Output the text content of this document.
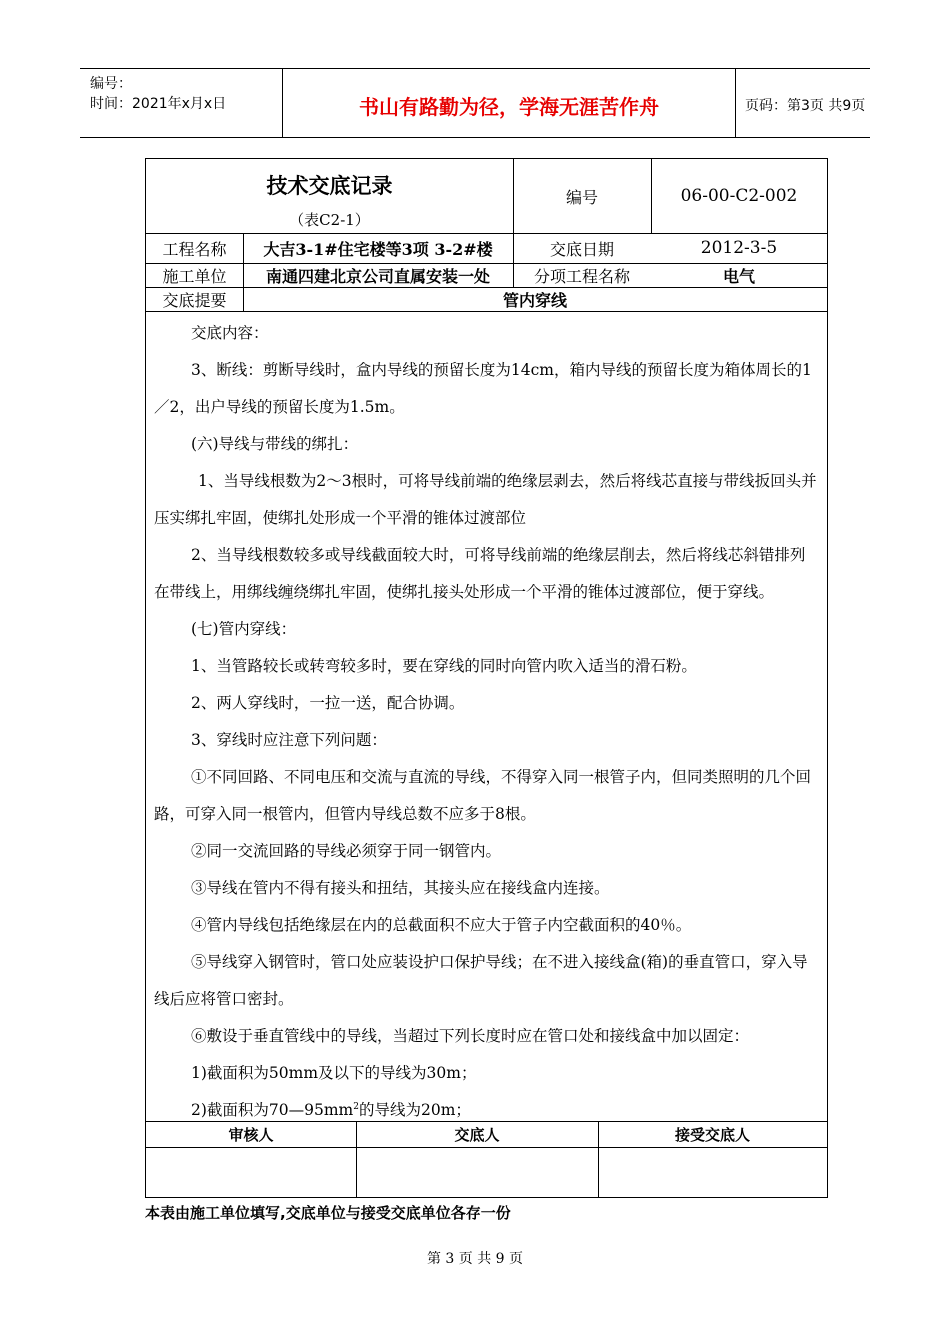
编号：
时间：2021年x月x日	书山有路勤为径，学海无涯苦作舟	页码：第3页 共9页
技术交底记录
（表C2-1）
编号	06-00-C2-002
工程名称	大吉3-1#住宅楼等3项 3-2#楼	交底日期	2012-3-5
施工单位	南通四建北京公司直属安装一处	分项工程名称	电气
交底提要	管内穿线

交底内容：

3、断线：剪断导线时，盒内导线的预留长度为14cm，箱内导线的预留长度为箱体周长的1／2，出户导线的预留长度为1.5m。

(六)导线与带线的绑扎：

1、当导线根数为2～3根时，可将导线前端的绝缘层剥去，然后将线芯直接与带线扳回头并压实绑扎牢固，使绑扎处形成一个平滑的锥体过渡部位

2、当导线根数较多或导线截面较大时，可将导线前端的绝缘层削去，然后将线芯斜错排列在带线上，用绑线缠绕绑扎牢固，使绑扎接头处形成一个平滑的锥体过渡部位，便于穿线。

(七)管内穿线：

1、当管路较长或转弯较多时，要在穿线的同时向管内吹入适当的滑石粉。

2、两人穿线时，一拉一送，配合协调。

3、穿线时应注意下列问题：

①不同回路、不同电压和交流与直流的导线，不得穿入同一根管子内，但同类照明的几个回路，可穿入同一根管内，但管内导线总数不应多于8根。

②同一交流回路的导线必须穿于同一钢管内。

③导线在管内不得有接头和扭结，其接头应在接线盒内连接。

④管内导线包括绝缘层在内的总截面积不应大于管子内空截面积的40％。

⑤导线穿入钢管时，管口处应装设护口保护导线；在不进入接线盒(箱)的垂直管口，穿入导线后应将管口密封。

⑥敷设于垂直管线中的导线，当超过下列长度时应在管口处和接线盒中加以固定：

1)截面积为50mm及以下的导线为30m；

2)截面积为$70—95mm^2$的导线为20m；

审核人	交底人	接受交底人
本表由施工单位填写,交底单位与接受交底单位各存一份
第 3 页 共 9 页
